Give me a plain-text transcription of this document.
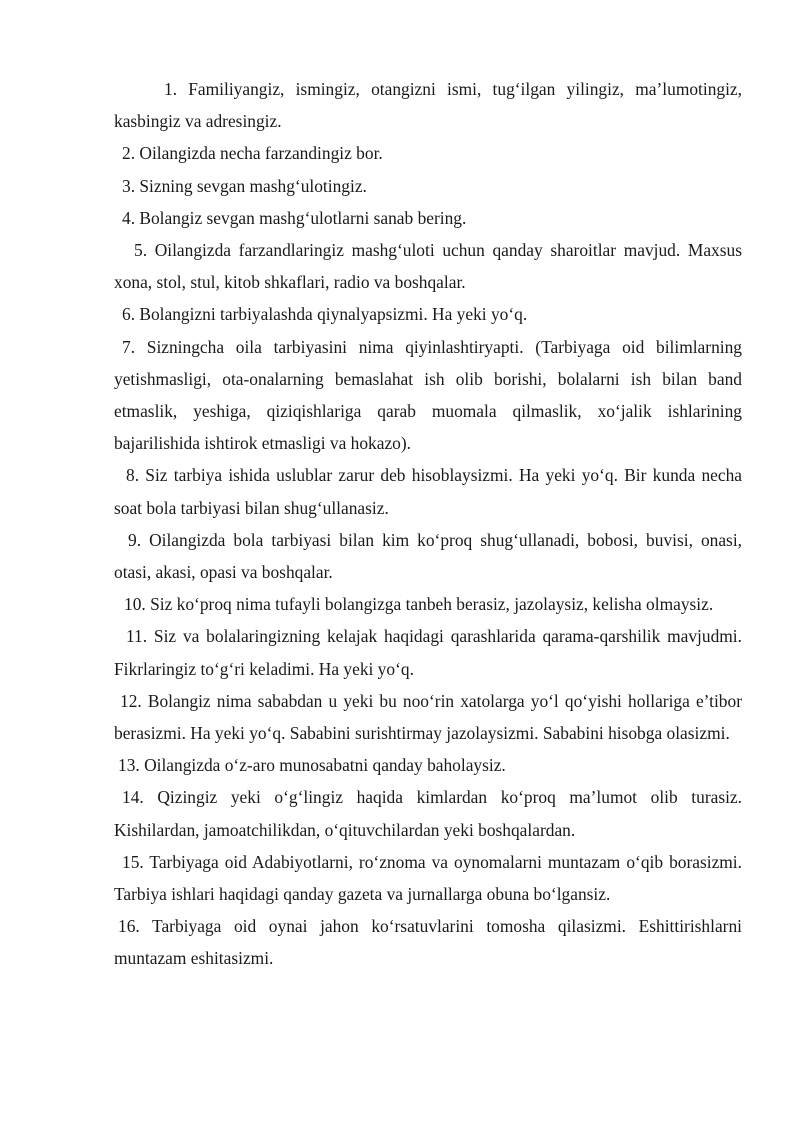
1. Familiyangiz, ismingiz, otangizni ismi, tug‘ilgan yilingiz, ma’lumotingiz, kasbingiz va adresingiz.

2. Oilangizda necha farzandingiz bor.

3. Sizning sevgan mashg‘ulotingiz.

4. Bolangiz sevgan mashg‘ulotlarni sanab bering.

5. Oilangizda farzandlaringiz mashg‘uloti uchun qanday sharoitlar mavjud. Maxsus xona, stol, stul, kitob shkaflari, radio va boshqalar.

6. Bolangizni tarbiyalashda qiynalyapsizmi. Ha yeki yo‘q.

7. Sizningcha oila tarbiyasini nima qiyinlashtiryapti. (Tarbiyaga oid bilimlarning yetishmasligi, ota-onalarning bemaslahat ish olib borishi, bolalarni ish bilan band etmaslik, yeshiga, qiziqishlariga qarab muomala qilmaslik, xo‘jalik ishlarining bajarilishida ishtirok etmasligi va hokazo).

8. Siz tarbiya ishida uslublar zarur deb hisoblaysizmi. Ha yeki yo‘q. Bir kunda necha soat bola tarbiyasi bilan shug‘ullanasiz.

9. Oilangizda bola tarbiyasi bilan kim ko‘proq shug‘ullanadi, bobosi, buvisi, onasi, otasi, akasi, opasi va boshqalar.

10. Siz ko‘proq nima tufayli bolangizga tanbeh berasiz, jazolaysiz, kelisha olmaysiz.

11. Siz va bolalaringizning kelajak haqidagi qarashlarida qarama-qarshilik mavjudmi. Fikrlaringiz to‘g‘ri keladimi. Ha yeki yo‘q.

12. Bolangiz nima sababdan u yeki bu noo‘rin xatolarga yo‘l qo‘yishi hollariga e’tibor berasizmi. Ha yeki yo‘q. Sababini surishtirmay jazolaysizmi. Sababini hisobga olasizmi.

13. Oilangizda o‘z-aro munosabatni qanday baholaysiz.

14. Qizingiz yeki o‘g‘lingiz haqida kimlardan ko‘proq ma’lumot olib turasiz. Kishilardan, jamoatchilikdan, o‘qituvchilardan yeki boshqalardan.

15. Tarbiyaga oid Adabiyotlarni, ro‘znoma va oynomalarni muntazam o‘qib borasizmi. Tarbiya ishlari haqidagi qanday gazeta va jurnallarga obuna bo‘lgansiz.

16. Tarbiyaga oid oynai jahon ko‘rsatuvlarini tomosha qilasizmi. Eshittirishlarni muntazam eshitasizmi.
